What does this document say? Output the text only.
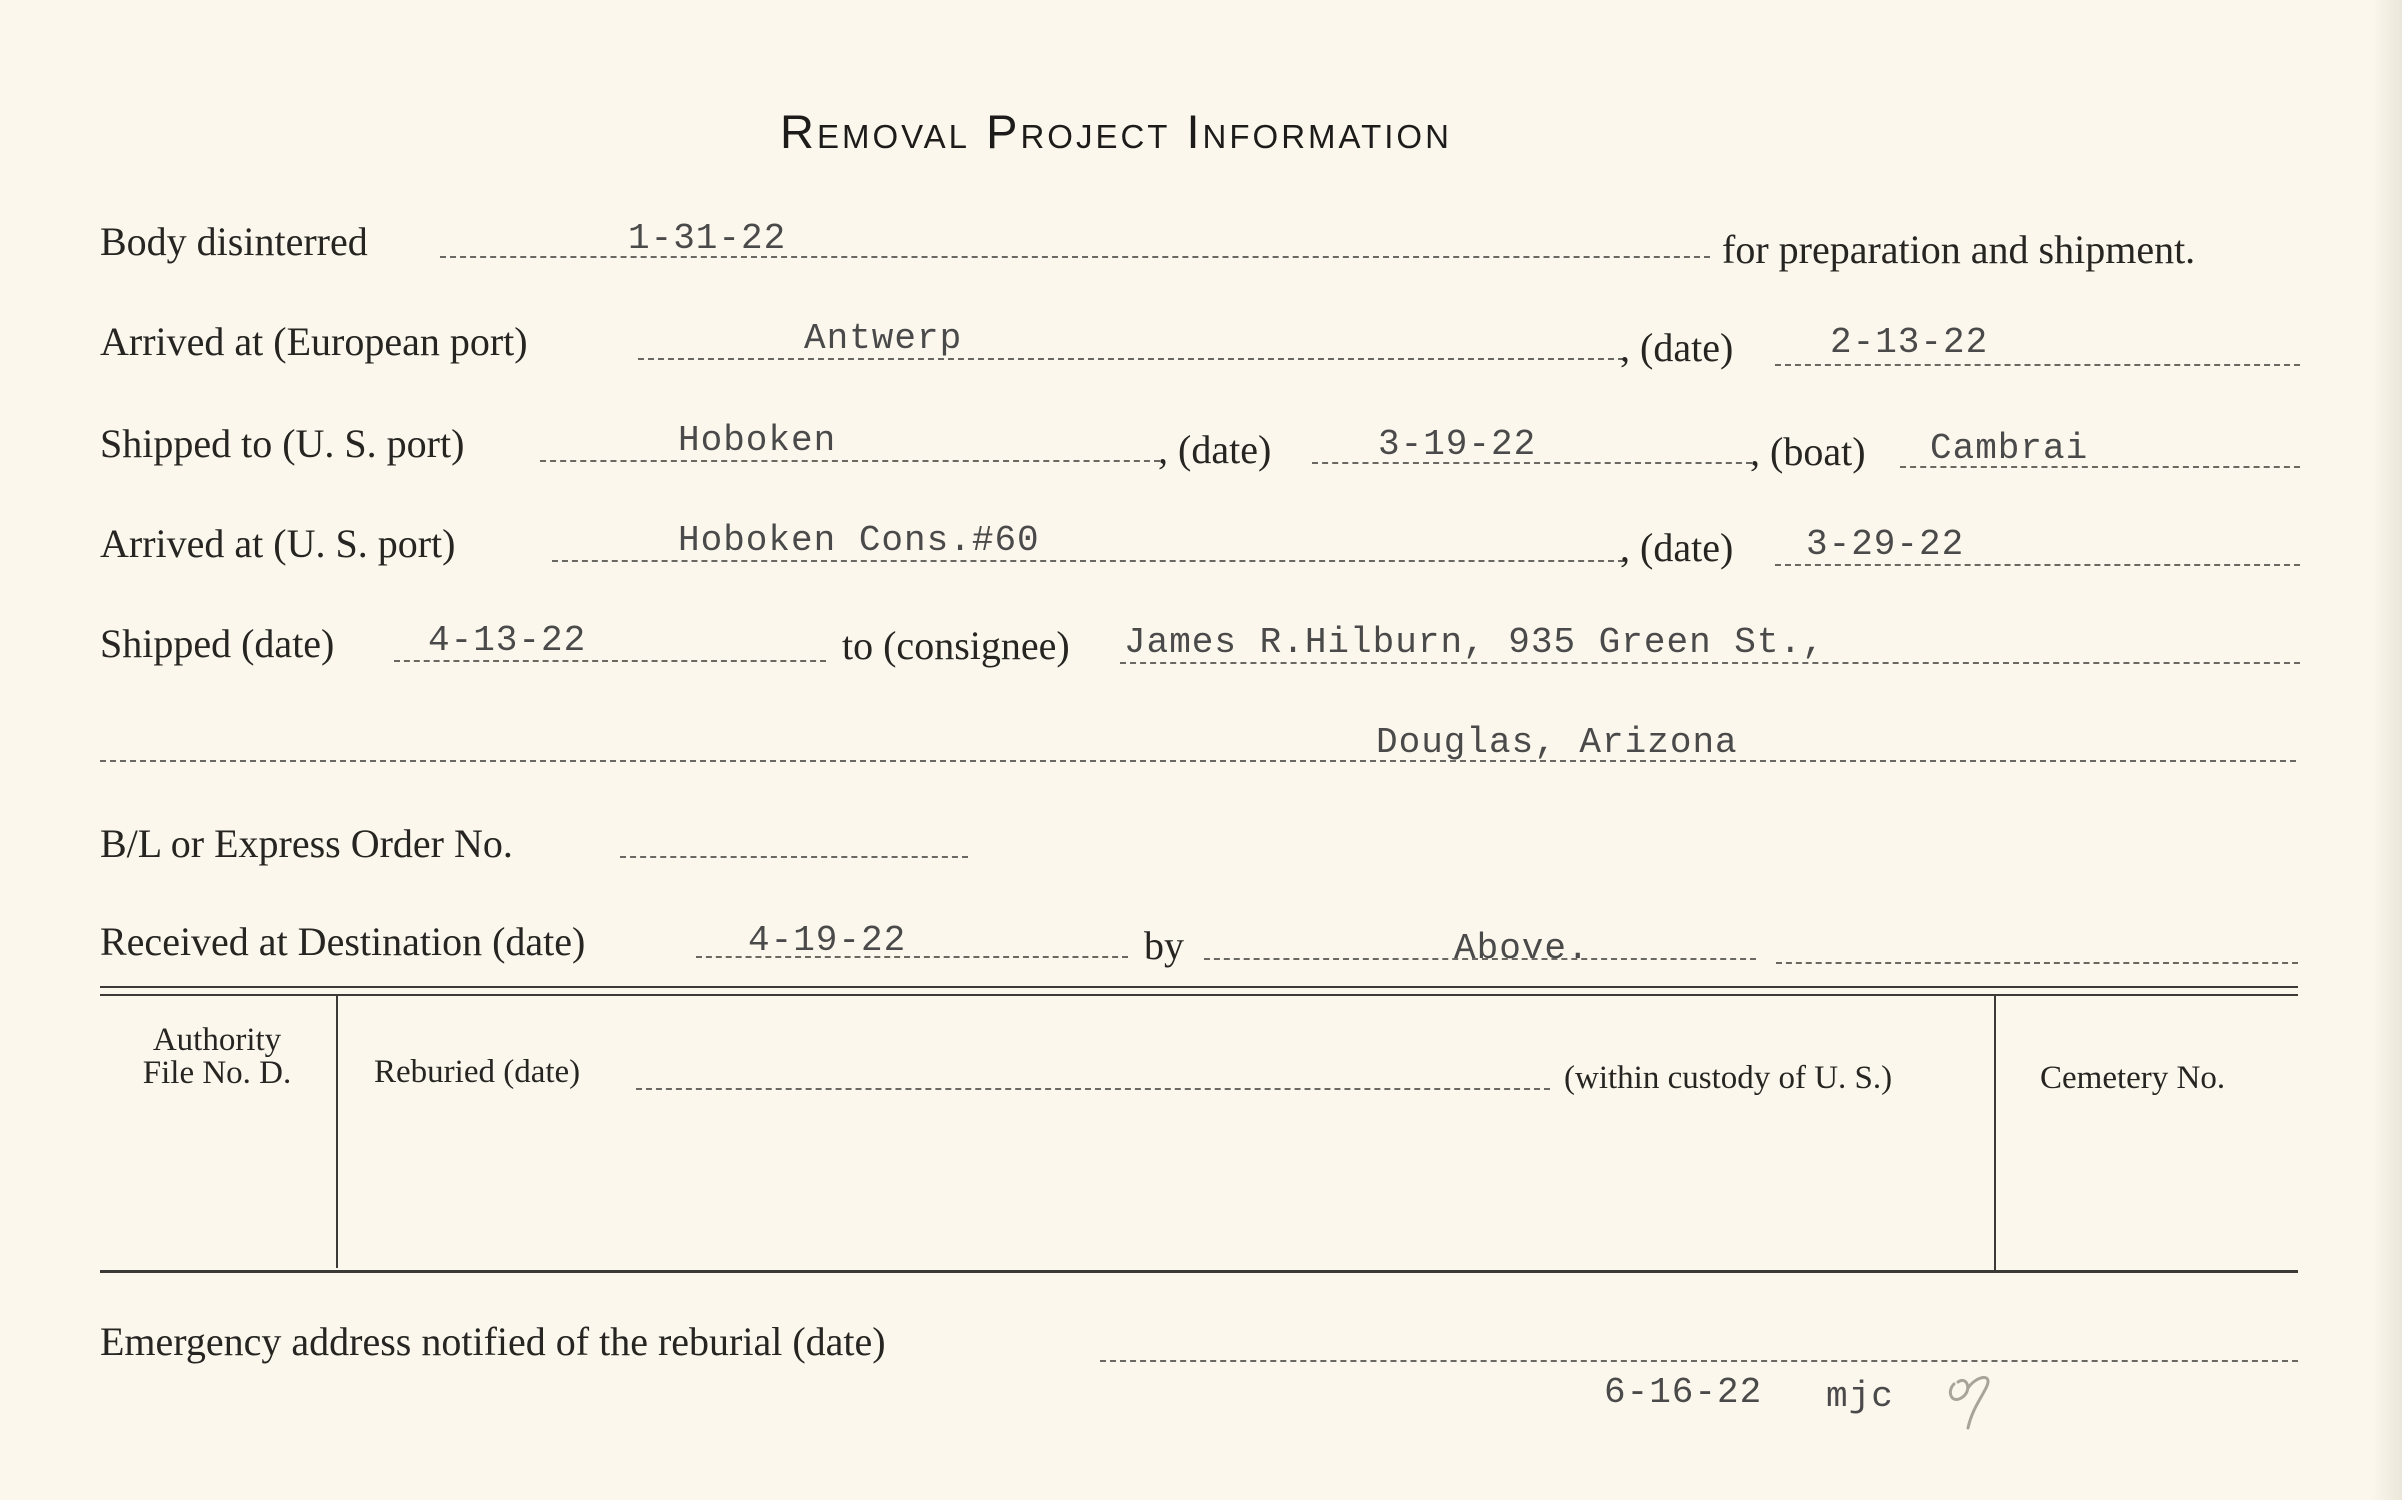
Removal Project Information
Body disinterred	1-31-22	for preparation and shipment.
Arrived at (European port)	Antwerp	, (date)	2-13-22
Shipped to (U. S. port)	Hoboken	, (date)	3-19-22	, (boat) Cambrai
Arrived at (U. S. port)	Hoboken Cons.#60	, (date) 3-29-22
Shipped (date)	4-13-22	to (consignee) James R.Hilburn, 935 Green St.,
Douglas, Arizona
B/L or Express Order No.
Received at Destination (date)	4-19-22	by	Above.
Authority
File No. D.	Reburied (date)	(within custody of U. S.)	Cemetery No.
Emergency address notified of the reburial (date)
6-16-22 mjc
